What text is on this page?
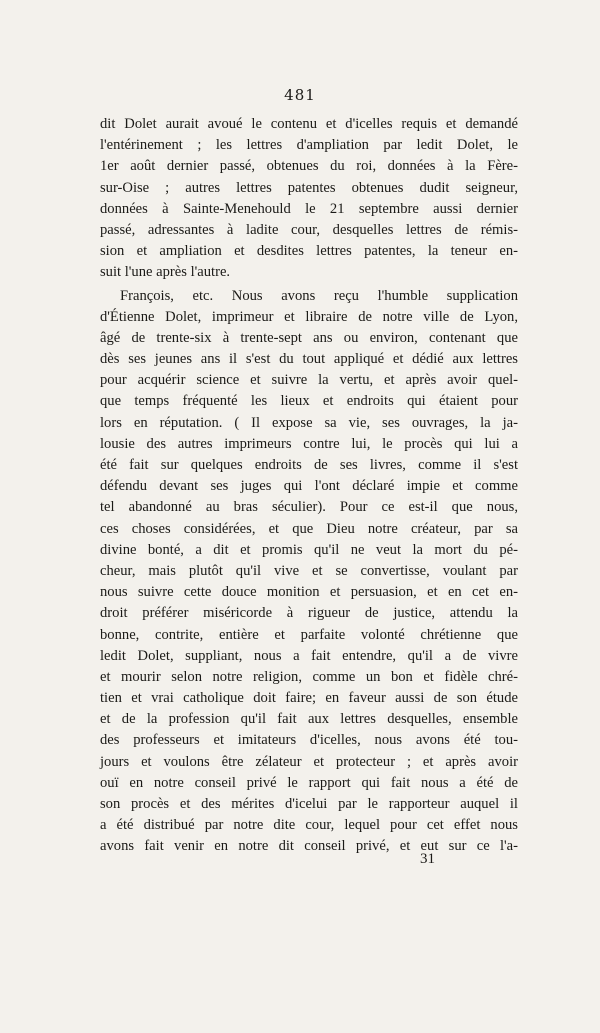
481
dit Dolet aurait avoué le contenu et d'icelles requis et demandé
l'entérinement ; les lettres d'ampliation par ledit Dolet, le
1er août dernier passé, obtenues du roi, données à la Fère-
sur-Oise ; autres lettres patentes obtenues dudit seigneur,
données à Sainte-Menehould le 21 septembre aussi dernier
passé, adressantes à ladite cour, desquelles lettres de rémis-
sion et ampliation et desdites lettres patentes, la teneur en-
suit l'une après l'autre.
François, etc. Nous avons reçu l'humble supplication
d'Étienne Dolet, imprimeur et libraire de notre ville de Lyon,
âgé de trente-six à trente-sept ans ou environ, contenant que
dès ses jeunes ans il s'est du tout appliqué et dédié aux lettres
pour acquérir science et suivre la vertu, et après avoir quel-
que temps fréquenté les lieux et endroits qui étaient pour
lors en réputation. ( Il expose sa vie, ses ouvrages, la ja-
lousie des autres imprimeurs contre lui, le procès qui lui a
été fait sur quelques endroits de ses livres, comme il s'est
défendu devant ses juges qui l'ont déclaré impie et comme
tel abandonné au bras séculier). Pour ce est-il que nous,
ces choses considérées, et que Dieu notre créateur, par sa
divine bonté, a dit et promis qu'il ne veut la mort du pé-
cheur, mais plutôt qu'il vive et se convertisse, voulant par
nous suivre cette douce monition et persuasion, et en cet en-
droit préférer miséricorde à rigueur de justice, attendu la
bonne, contrite, entière et parfaite volonté chrétienne que
ledit Dolet, suppliant, nous a fait entendre, qu'il a de vivre
et mourir selon notre religion, comme un bon et fidèle chré-
tien et vrai catholique doit faire; en faveur aussi de son étude
et de la profession qu'il fait aux lettres desquelles, ensemble
des professeurs et imitateurs d'icelles, nous avons été tou-
jours et voulons être zélateur et protecteur ; et après avoir
ouï en notre conseil privé le rapport qui fait nous a été de
son procès et des mérites d'icelui par le rapporteur auquel il
a été distribué par notre dite cour, lequel pour cet effet nous
avons fait venir en notre dit conseil privé, et eut sur ce l'a-
31
